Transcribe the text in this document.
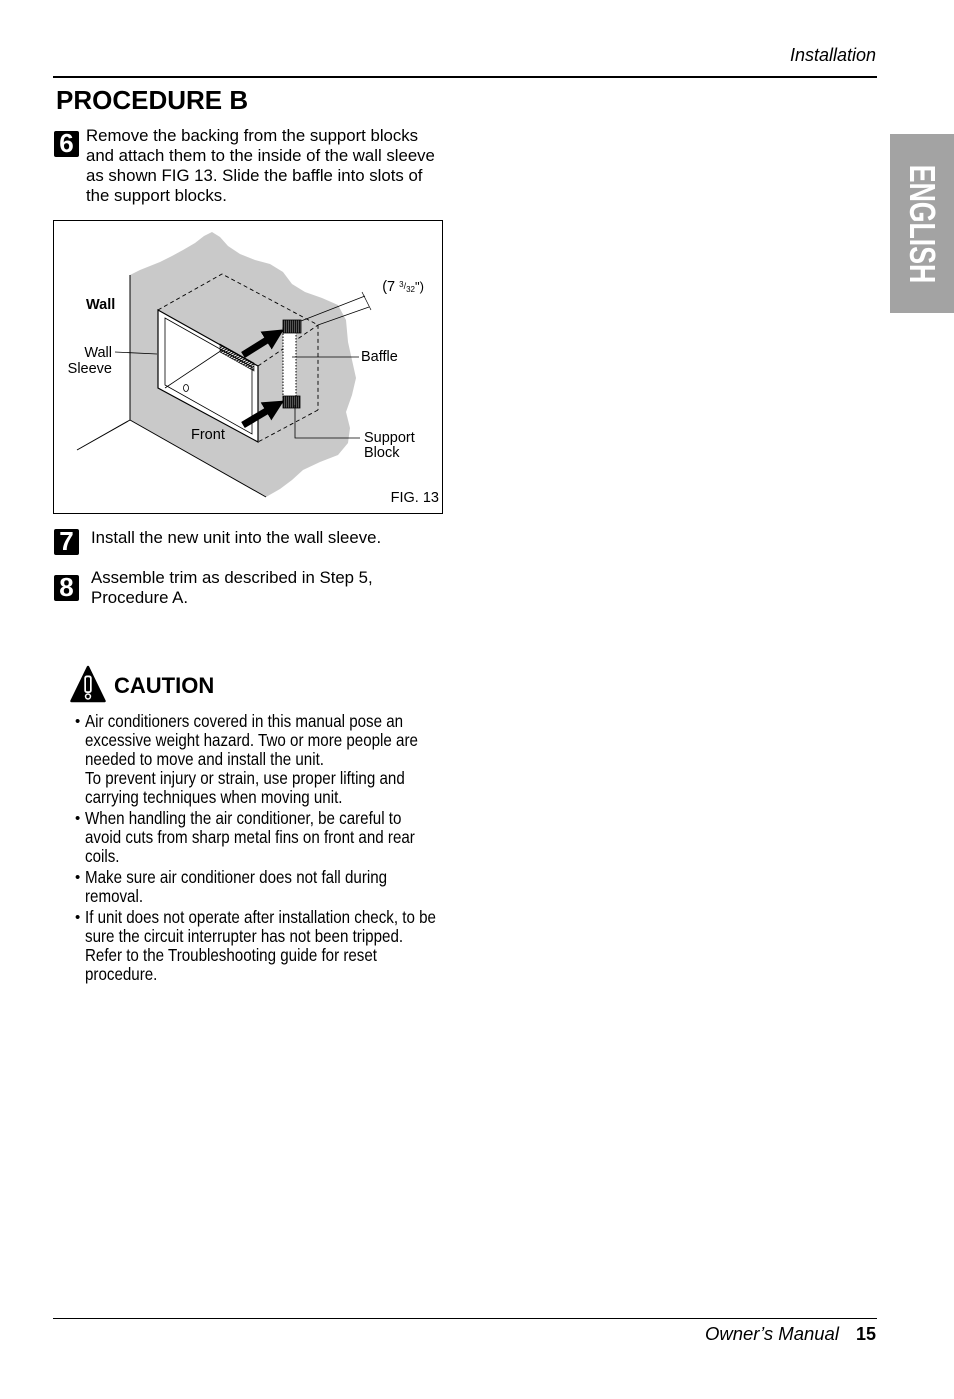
Installation
PROCEDURE B
6 Remove the backing from the support blocks
and attach them to the inside of the wall sleeve
as shown FIG 13. Slide the baffle into slots of
the support blocks.
Wall
Wall
Sleeve
Front
Baffle
Support
Block
(7 $^3/_{32}$")
FIG. 13
7	Install the new unit into the wall sleeve.
8	Assemble trim as described in Step 5,
Procedure A.
CAUTION
• Air conditioners covered in this manual pose an
excessive weight hazard. Two or more people are
needed to move and install the unit.
To prevent injury or strain, use proper lifting and
carrying techniques when moving unit.
• When handling the air conditioner, be careful to
avoid cuts from sharp metal fins on front and rear
coils.
• Make sure air conditioner does not fall during
removal.
• If unit does not operate after installation check, to be
sure the circuit interrupter has not been tripped.
Refer to the Troubleshooting guide for reset
procedure.
ENGLISH
Owner’s Manual 15
